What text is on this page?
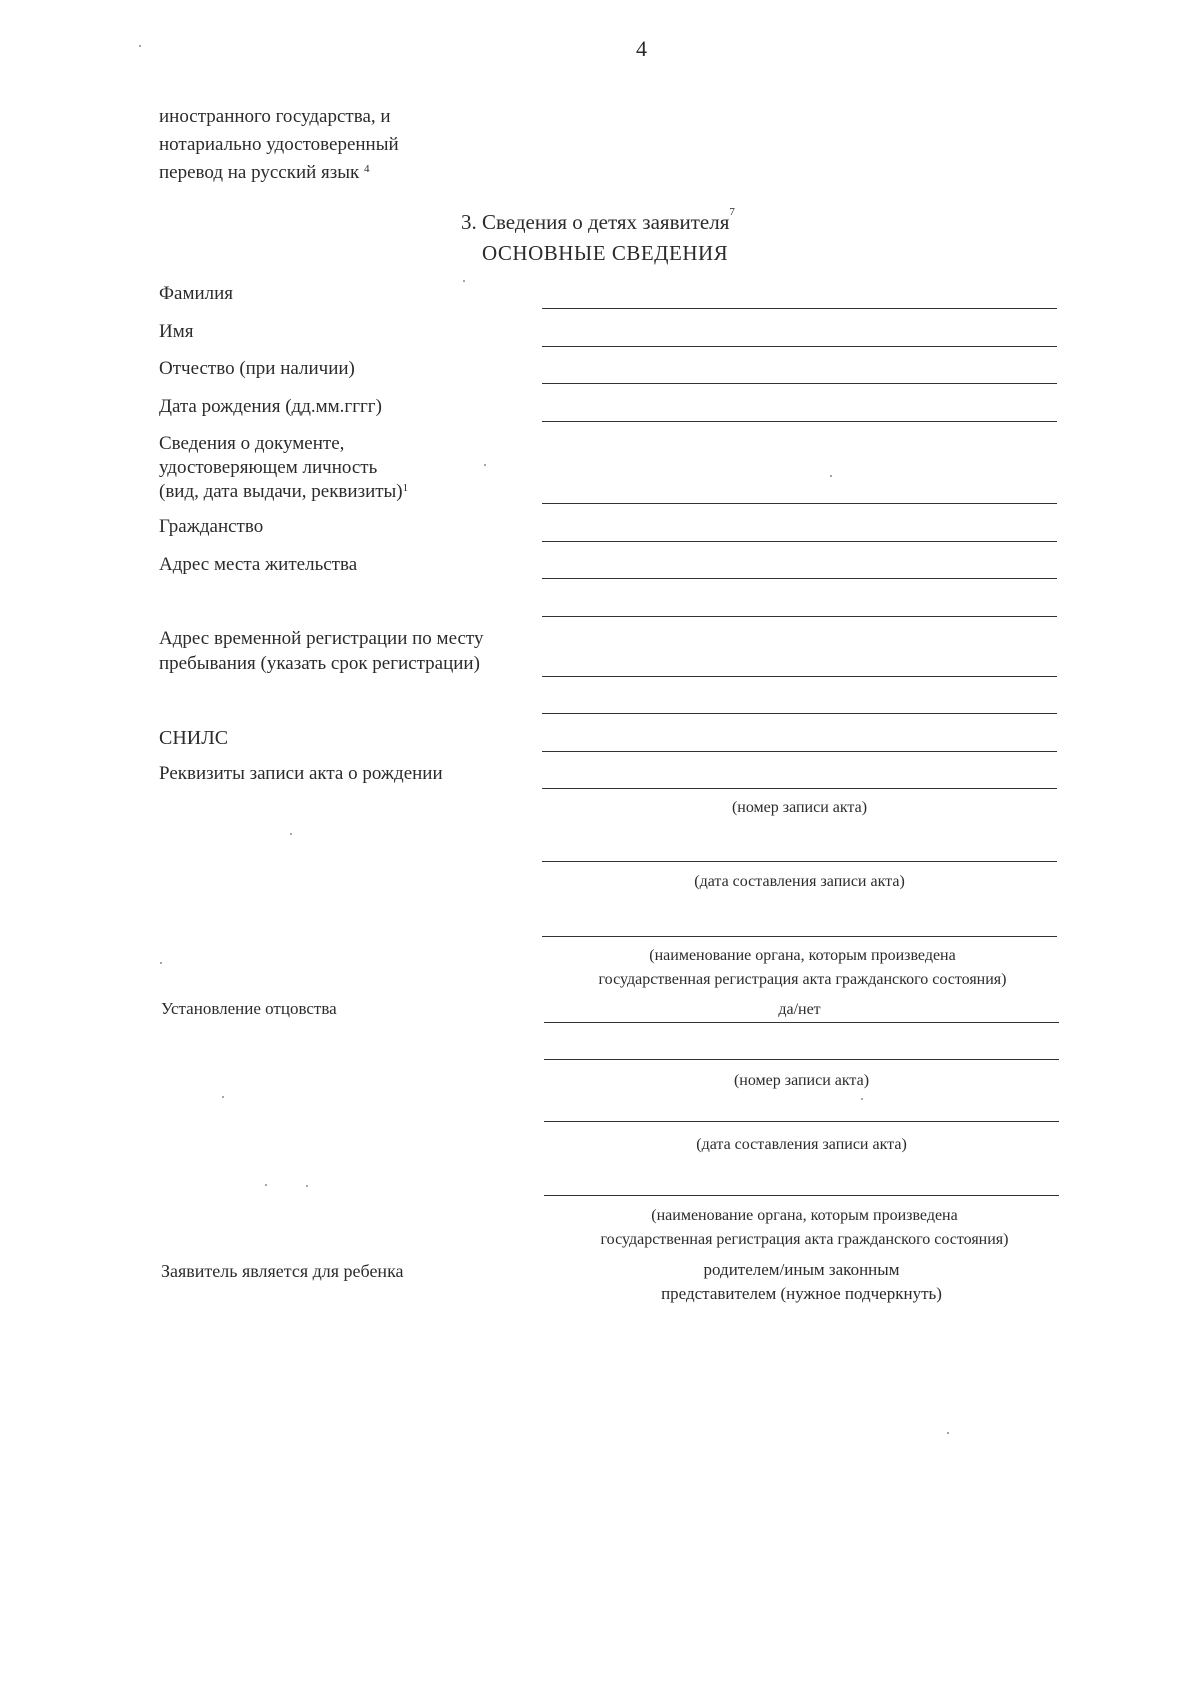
4
иностранного государства, и
нотариально удостоверенный
перевод на русский язык $^4$
3. Сведения о детях заявителя$^7$
ОСНОВНЫЕ СВЕДЕНИЯ
Фамилия
Имя
Отчество (при наличии)
Дата рождения (дд.мм.гггг)
Сведения о документе,
удостоверяющем личность
(вид, дата выдачи, реквизиты)$^1$
Гражданство
Адрес места жительства
Адрес временной регистрации по месту
пребывания (указать срок регистрации)
СНИЛС
Реквизиты записи акта о рождении
Установление отцовства
Заявитель является для ребенка
(номер записи акта)
(дата составления записи акта)
(наименование органа, которым произведена
государственная регистрация акта гражданского состояния)
да/нет
(номер записи акта)
(дата составления записи акта)
(наименование органа, которым произведена
государственная регистрация акта гражданского состояния)
родителем/иным законным
представителем (нужное подчеркнуть)
